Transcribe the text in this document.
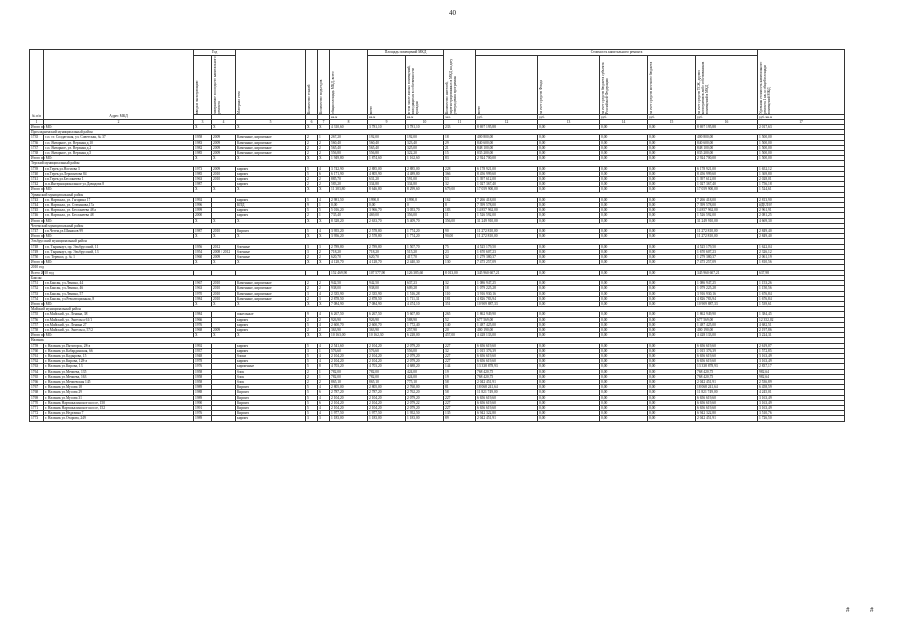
40
№ п/п	Адрес МКД	Год		Материал стен	Количество этажей	Количество подъездов	общая площадь МКД, всего	Площадь помещений МКД		Количество жителей, зарегистрированных в МКД на дату утверждения программы	Стоимость капитального ремонта					Удельная стоимость капитального ремонта 1 кв. м общей площади помещений МКД

		ввода в эксплуатацию	завершение последнего капитального ремонта					всего	в том числе жилых помещений, находящихся в собственности граждан		всего	за счет средств Фонда	за счет средств бюджета субъекта Российской Федерации	за счет средств местного бюджета	за счет средств ТСЖ, других кооперативов либо собственников помещений в МКД	

							кв.м	кв.м	кв.м	чел.	руб.	руб.	руб.	руб.	руб.	руб./кв.м
1	2	3	4	5	6	7	8	9	10	11	12	13	14	15	16	17
Итого по МО:		X	X	X	X	X	4 310,60	3 781,10	3 781,10	233	8 697 195,88	0,00	0,00	0,00	8 697 195,88	2 017,63
Прохладненский муниципальный район																
1735	с.п. ст. Солдатская, ул. Советская, № 37	1958	2009	Каменные, кирпичные	2	1	267,20	192,00	192,00	18	400 800,00	0,00	0,00	0,00	400 800,00	1 500,00
1736	с.п. Янтарное, ул. Верхняя д.10	1983	2009	Каменные, кирпичные	2	2	560,40	560,40	323,40	29	840 600,00	0,00	0,00	0,00	840 600,00	1 500,00
1737	с.п. Янтарное, ул. Верхняя д.2	1982	2009	Каменные, кирпичные	2	2	565,40	565,40	325,00	21	848 100,00	0,00	0,00	0,00	848 100,00	1 500,00
1738	с.п. Янтарное, ул. Верхняя д.5	1985	2009	Каменные, кирпичные	2	2	556,80	556,80	322,20	15	835 200,00	0,00	0,00	0,00	835 200,00	1 500,00
Итого по МО:		X	X	X	X	X	1 949,80	1 874,60	1 162,60	83	2 924 700,00	0,00	0,00	0,00	2 924 700,00	1 500,00
Терский муниципальный район																
1739	г.п.Терек,ул.Ногмова 3	1973	2009	кирпич	5	4	3 742,90	2 885,00	2 885,00	228	6 178 921,00	0,00	0,00	0,00	6 178 921,00	1 652,12
1740	г.п.Терек,ул.Лермонтова 84	1985	2010	кирпич	5	6	6 171,90	4 805,90	4 489,80	366	8 456 999,60	0,00	0,00	0,00	8 456 999,60	1 369,80
1741	г.п.Терек,ул.Бесланеева 1	1963	2010	кирпич	2	2	885,70	631,20	591,00	53	1 397 612,00	0,00	0,00	0,00	1 397 612,00	2 028,01
1742	п.п.Интернациональное ул.Давидова 8	1987		кирпич	2	2	583,20	334,80	334,80	32	1 027 367,40	0,00	0,00	0,00	1 027 367,40	1 756,18
Итого по МО:		X	X	X	X	X	11 383,80	8 646,80	8 299,60	679,00	17 059 900,00	0,00	0,00	0,00	17 059 900,00	1 524,61
Урванский муниципальный район																
1743	г.п. Нарткала, ул. Гагарина 17	1992		кирпич	5	4	2 981,50	1990,8	1990,8	162	7 266 418,00	0,00	0,00	0,00	7 266 418,00	2 813,90
1744	г.п. Нарткала, ул. Степанова,17а	1996		КПД	9	1	0,00	0,00	0	8	7 399 578,00	0,00	0,00	0,00	7 399 578,00	#ДЕЛ/0!
1745	г.п. Нарткала, ул. Бесланеева 48 а	1999		кирпич	5	5	5 016,20	3 966,70	3 053,70	183	14 857 962,00	0,00	0,00	0,00	14 857 962,00	2 961,91
1746	г.п. Нарткала, ул. Бесланеева 48	2000		кирпич	2	1	735,40	469,00	356,00	11	1 526 592,00	0,00	0,00	0,00	1 526 592,00	2 081,25
Итого по МО:		X	X	X	X	X	8 328,20	2 633,70	5 409,70	356,00	31 249 910,00	0,00	0,00	0,00	31 249 910,00	4 669,30
Чегемский муниципальный район																
1747	г.п.Чегем,ул.Шинахов 99	1987	2010	Кирпич	5	4	3 955,20	2 578,80	1 774,20	90	11 272 810,00	0,00	0,00	0,00	11 272 810,00	2 849,40
Итого по МО:		X	X	X	X	X	3 956,20	2 578,80	1 774,20	90,00	11 272 810,00	0,00	0,00	0,00	11 272 810,00	2 849,40
Эльбрусский муниципальный район																
1748	г.п. Тырныауз, пр. Эльбрусский, 11	1956	2012	блочные	3	3	2 789,80	2 789,80	1 507,70	75	4 525 179,50	0,00	0,00	0,00	4 525 179,50	1 622,04
1749	г.п. Тырныауз, пр. Эльбрусский, 13	1954	2008 / 2012	блочные	3	2	718,20	718,20	515,20	23	1 670 607,23	0,00	0,00	0,00	1 670 607,23	2 326,12
1750	с.п. Терекол, д. № 1	1960	2009	блочные	2	2	620,70	620,70	417,70	32	1 279 380,37	0,00	0,00	0,00	1 279 380,37	2 061,19
Итого по МО:		X	X	X	X	X	4 128,70	4 128,70	2 440,30	130	7 475 257,09	0,00	0,00	0,00	7 475 257,09	1 810,56
2010 год																
Всего 2010 год							152 469,90	107 577,90	126 385,60	8 013,00	345 960 607,21	0,00	0,00	0,00	345 960 607,21	637,98
Баксан																
1751	г.п.Баксан, ул.Ленина, 44	1967	2010	Каменные, кирпичные	2	2	942,50	942,50	637,23	32	1 086 947,25	0,00	0,00	0,00	1 086 947,25	1 153,26
1752	г.п.Баксан, ул.Ленина, 46	1963	2010	Каменные, кирпичные	2	2	938,00	938,00	609,28	18	1 079 225,28	0,00	0,00	0,00	1 079 225,28	1 150,56
1753	г.п.Баксан, ул.Ленина, 57	1970	2010	Каменные, кирпичные	3	4	2 335,90	2 335,90	1 516,28	110	3 916 930,16	0,00	0,00	0,00	3 916 930,16	1 676,84
1754	г.п.Баксан, ул.Революционная, 8	1984	2010	Каменные, кирпичные	2	3	2 878,50	2 878,50	1 711,31	181	4 826 783,94	0,00	0,00	0,00	4 826 783,94	1 676,84
Итого по МО:		X	X	X	X	X	7 084,90	7 084,90	4 474,10	351	10 909 887,33	0,00	0,00	0,00	10 909 887,33	1 539,61
Майский муниципальный район																
1755	г.п.Майский, ул. Ленина, 38	1984		панельные	9	4	6 267,50	6 267,50	5 607,80	265	1 862 949,90	0,00	0,00	0,00	1 862 949,90	1 384,45
1756	г.п.Майский, ул. Энгельса 61/1	1966		кирпич	2	2	926,90	926,90	588,90	52	677 569,00	0,00	0,00	0,00	677 569,00	12 352,02
1757	г.п.Майский, ул. Ленина 27	1976		кирпич	5	4	2 600,70	2 600,70	1 772,40	140	1 487 425,00	0,00	0,00	0,00	1 487 425,00	4 682,51
1758	г.п.Майский, ул. Энгельса, 57/2	1968	2009	кирпич	2	2	363,90	363,90	257,90	20	400 190,00	0,00	0,00	0,00	400 190,00	2 197,86
Итого по МО:		X	X	X	X	X	10 163,00	10 162,30	6 228,00	457,00	4 428 133,00	0,00	0,00	0,00	4 428 133,00	3 224,31
Нальчик																
1759	г. Нальчик ул.Пятигорск, 28-а	1992		кирпич	5	4	2 541,60	2 104,20	2 079,20	227	6 656 619,60	0,00	0,00	0,00	6 656 619,60	2 619,07
1760	г. Нальчик ул.Кабардинская, 66	1937		кирпич	3	1	576,60	576,60	556,00	32	1 015 376,39	0,00	0,00	0,00	1 015 376,39	1 572,85
1761	г. Нальчик ул.Кадырова, 15	1948		блоки	5	4	2 104,20	2 104,20	2 079,20	227	6 656 619,60	0,00	0,00	0,00	6 656 619,60	3 163,49
1762	г. Нальчик ул.Кирова, 128-а	1978		кирпич	5	4	2 104,20	2 104,20	2 079,20	227	6 656 619,60	0,00	0,00	0,00	6 656 619,60	3 163,49
1763	г. Нальчик ул.Кирова, 13	1976		кирпичные	5	8	4 703,20	4 703,20	4 688,20	144	13 338 878,93	0,00	0,00	0,00	13 338 878,93	2 837,17
1764	г. Нальчик ул.Мечиева, 135	1958		блок	2	1	782,00	782,00	424,00	19	768 420,75	0,00	0,00	0,00	768 420,75	982,64
1765	г. Нальчик ул.Мечиева, 163	1958		блок	2	1	782,00	782,00	424,00	19	768 420,75	0,00	0,00	0,00	768 420,75	982,64
1766	г. Нальчик ул.Мечиевская 145	1958		блок	2	2	865,10	865,10	775,10	58	2 042 451,91	0,00	0,00	0,00	2 042 451,91	2 536,89
1767	г. Нальчик ул.Мусова 18	1989		Кирпич	5	4	2 805,00	2 805,00	2 760,00	81	18 068 241,64	0,00	0,00	0,00	18 068 241,64	6 458,59
1768	г. Нальчик ул.Мусова 29	1988		Кирпич	5	6	2 787,20	2 787,20	2 762,20	58	11 821 749,00	0,00	0,00	0,00	11 821 749,00	4 245,01
1769	г. Нальчик ул.Мусова 31	1989		Кирпич	5	4	2 104,20	2 104,20	2 079,20	227	6 656 619,60	0,00	0,00	0,00	6 656 619,60	3 163,49
1770	г. Нальчик Нартшкалинское шоссе, 150	1990		Кирпич	5	6	2 104,20	2 104,20	2 079,22	227	6 656 619,60	0,00	0,00	0,00	6 656 619,60	3 163,49
1771	г. Нальчик Нартшкалинское шоссе, 152	1991		Кирпич	5	4	2 104,20	2 104,20	2 079,20	227	6 656 619,60	0,00	0,00	0,00	6 656 619,60	3 163,49
1772	г. Нальчик ул.Неделина 7	1976		Кирпич	5	4	1 977,50	1 977,50	1 952,50	135	6 942 322,80	0,00	0,00	0,00	6 942 322,80	3 510,76
1773	г. Нальчик ул.Отарова, 249	1989		кирпич	3	3	1 183,00	1 183,00	1 183,00	89	2 042 451,91	0,00	0,00	0,00	2 042 451,91	1 726,50
#	#
